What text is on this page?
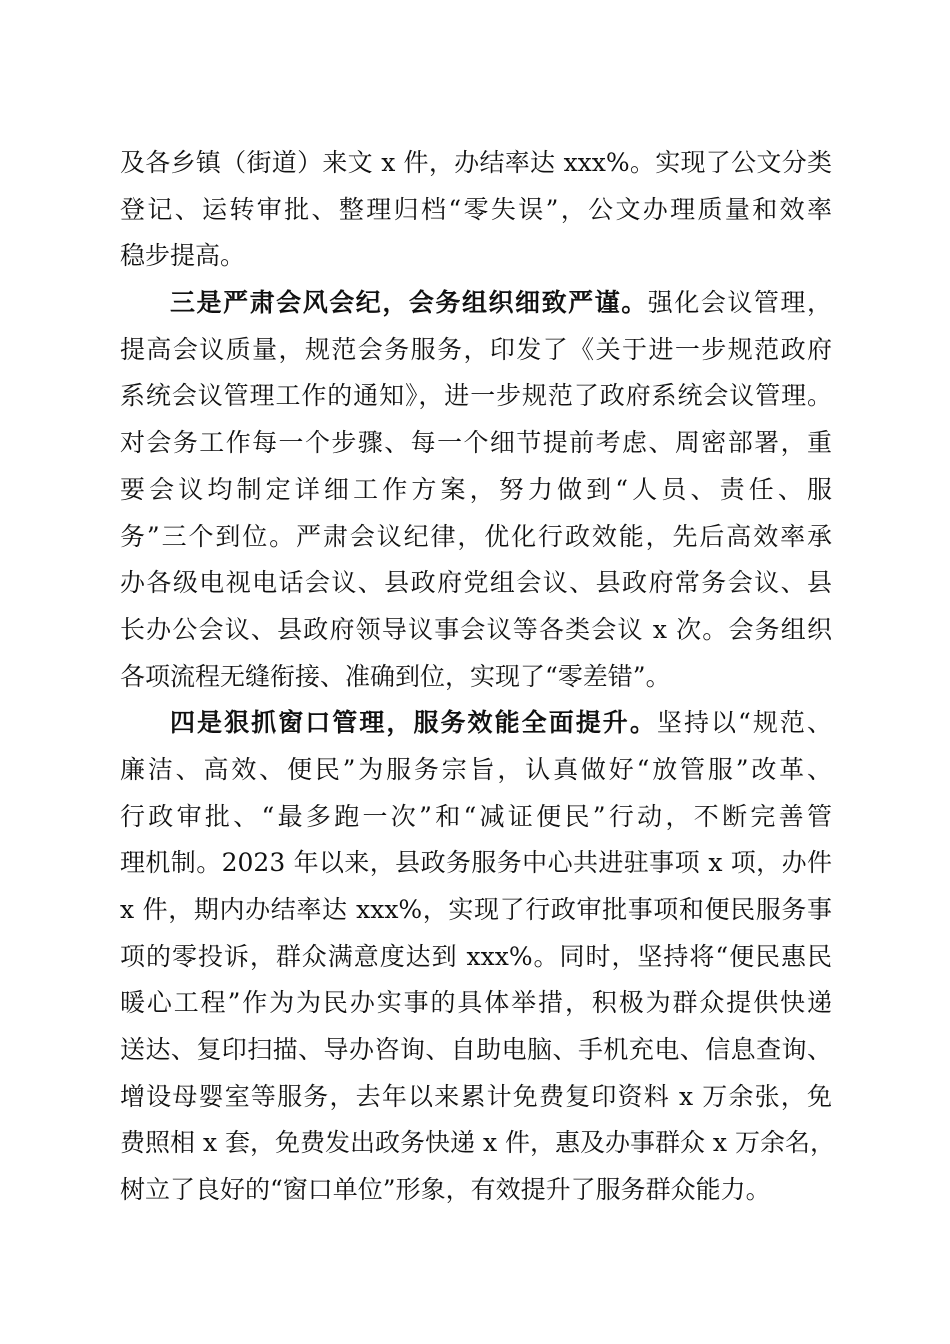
及各乡镇（街道）来文 x 件，办结率达 xxx%。实现了公文分类
登记、运转审批、整理归档“零失误”，公文办理质量和效率
稳步提高。
三是严肃会风会纪，会务组织细致严谨。强化会议管理，
提高会议质量，规范会务服务，印发了《关于进一步规范政府
系统会议管理工作的通知》，进一步规范了政府系统会议管理。
对会务工作每一个步骤、每一个细节提前考虑、周密部署，重
要会议均制定详细工作方案，努力做到“人员、责任、服
务”三个到位。严肃会议纪律，优化行政效能，先后高效率承
办各级电视电话会议、县政府党组会议、县政府常务会议、县
长办公会议、县政府领导议事会议等各类会议 x 次。会务组织
各项流程无缝衔接、准确到位，实现了“零差错”。
四是狠抓窗口管理，服务效能全面提升。坚持以“规范、
廉洁、高效、便民”为服务宗旨，认真做好“放管服”改革、
行政审批、“最多跑一次”和“减证便民”行动，不断完善管
理机制。2023 年以来，县政务服务中心共进驻事项 x 项，办件
x 件，期内办结率达 xxx%，实现了行政审批事项和便民服务事
项的零投诉，群众满意度达到 xxx%。同时，坚持将“便民惠民
暖心工程”作为为民办实事的具体举措，积极为群众提供快递
送达、复印扫描、导办咨询、自助电脑、手机充电、信息查询、
增设母婴室等服务，去年以来累计免费复印资料 x 万余张，免
费照相 x 套，免费发出政务快递 x 件，惠及办事群众 x 万余名，
树立了良好的“窗口单位”形象，有效提升了服务群众能力。
